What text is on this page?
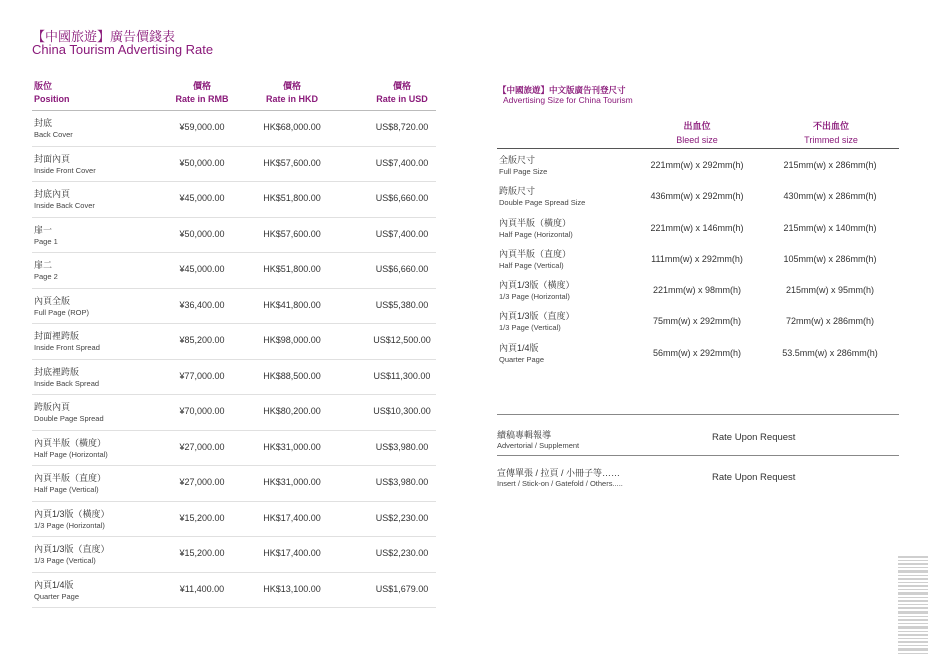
【中國旅遊】廣告價錢表
China Tourism Advertising Rate
版位
Position
價格
Rate in RMB
價格
Rate in HKD
價格
Rate in USD
封底
Back Cover
¥59,000.00	HK$68,000.00	US$8,720.00
封面內頁
Inside Front Cover
¥50,000.00	HK$57,600.00	US$7,400.00
封底內頁
Inside Back Cover
¥45,000.00	HK$51,800.00	US$6,660.00
扉一
Page 1
¥50,000.00	HK$57,600.00	US$7,400.00
扉二
Page 2
¥45,000.00	HK$51,800.00	US$6,660.00
內頁全版
Full Page (ROP)
¥36,400.00	HK$41,800.00	US$5,380.00
封面裡跨版
Inside Front Spread
¥85,200.00	HK$98,000.00	US$12,500.00
封底裡跨版
Inside Back Spread
¥77,000.00	HK$88,500.00	US$11,300.00
跨版內頁
Double Page Spread
¥70,000.00	HK$80,200.00	US$10,300.00
內頁半版（橫度）
Half Page (Horizontal)
¥27,000.00	HK$31,000.00	US$3,980.00
內頁半版（直度）
Half Page (Vertical)
¥27,000.00	HK$31,000.00	US$3,980.00
內頁1/3版（橫度）
1/3 Page (Horizontal)
¥15,200.00	HK$17,400.00	US$2,230.00
內頁1/3版（直度）
1/3 Page (Vertical)
¥15,200.00	HK$17,400.00	US$2,230.00
內頁1/4版
Quarter Page
¥11,400.00	HK$13,100.00	US$1,679.00
【中國旅遊】中文版廣告刊登尺寸
Advertising Size for China Tourism
出血位
Bleed size
不出血位
Trimmed size
全版尺寸
Full Page Size
221mm(w) x 292mm(h)	215mm(w) x 286mm(h)
跨版尺寸
Double Page Spread Size
436mm(w) x 292mm(h)	430mm(w) x 286mm(h)
內頁半版（橫度）
Half Page (Horizontal)
221mm(w) x 146mm(h)	215mm(w) x 140mm(h)
內頁半版（直度）
Half Page (Vertical)
111mm(w) x 292mm(h)	105mm(w) x 286mm(h)
內頁1/3版（橫度）
1/3 Page (Horizontal)
221mm(w) x 98mm(h)	215mm(w) x 95mm(h)
內頁1/3版（直度）
1/3 Page (Vertical)
75mm(w) x 292mm(h)	72mm(w) x 286mm(h)
內頁1/4版
Quarter Page
56mm(w) x 292mm(h)	53.5mm(w) x 286mm(h)
續稿專輯報導
Advertorial / Supplement
Rate Upon Request
宣傳單張 / 拉頁 / 小冊子等……
Insert / Stick-on / Gatefold / Others.....
Rate Upon Request
